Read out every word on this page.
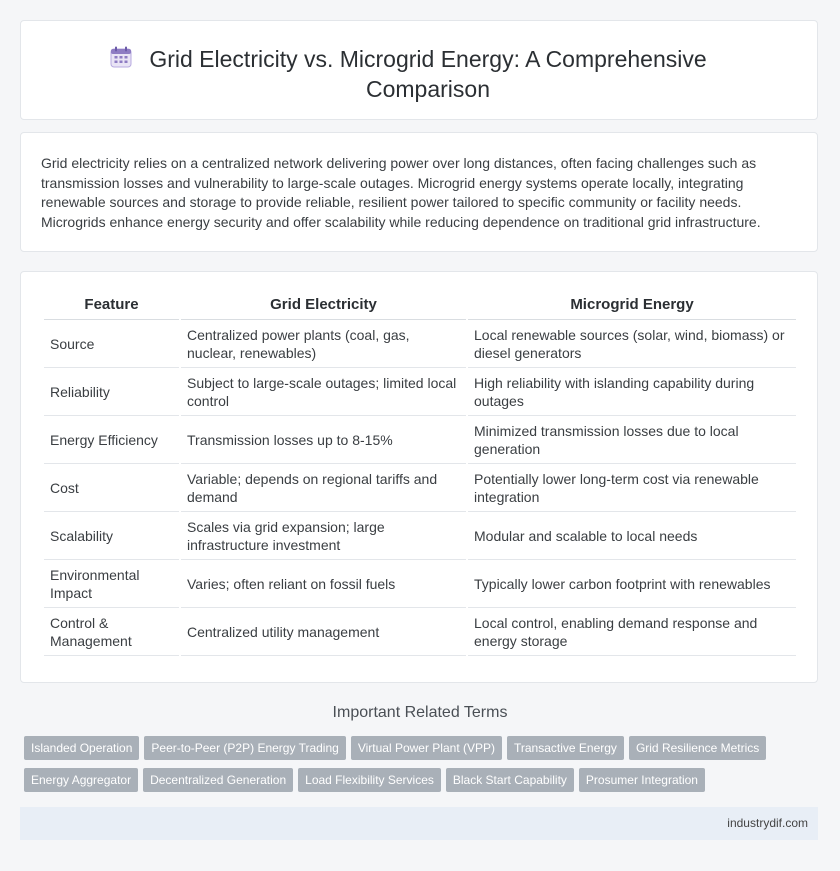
Grid Electricity vs. Microgrid Energy: A Comprehensive Comparison

Grid electricity relies on a centralized network delivering power over long distances, often facing challenges such as transmission losses and vulnerability to large-scale outages. Microgrid energy systems operate locally, integrating renewable sources and storage to provide reliable, resilient power tailored to specific community or facility needs. Microgrids enhance energy security and offer scalability while reducing dependence on traditional grid infrastructure.

Feature	Grid Electricity	Microgrid Energy
Source	Centralized power plants (coal, gas, nuclear, renewables)	Local renewable sources (solar, wind, biomass) or diesel generators
Reliability	Subject to large-scale outages; limited local control	High reliability with islanding capability during outages
Energy Efficiency	Transmission losses up to 8-15%	Minimized transmission losses due to local generation
Cost	Variable; depends on regional tariffs and demand	Potentially lower long-term cost via renewable integration
Scalability	Scales via grid expansion; large infrastructure investment	Modular and scalable to local needs
Environmental Impact	Varies; often reliant on fossil fuels	Typically lower carbon footprint with renewables
Control & Management	Centralized utility management	Local control, enabling demand response and energy storage
Important Related Terms
Islanded Operation Peer-to-Peer (P2P) Energy Trading Virtual Power Plant (VPP) Transactive Energy Grid Resilience Metrics
Energy Aggregator Decentralized Generation Load Flexibility Services Black Start Capability Prosumer Integration
industrydif.com
